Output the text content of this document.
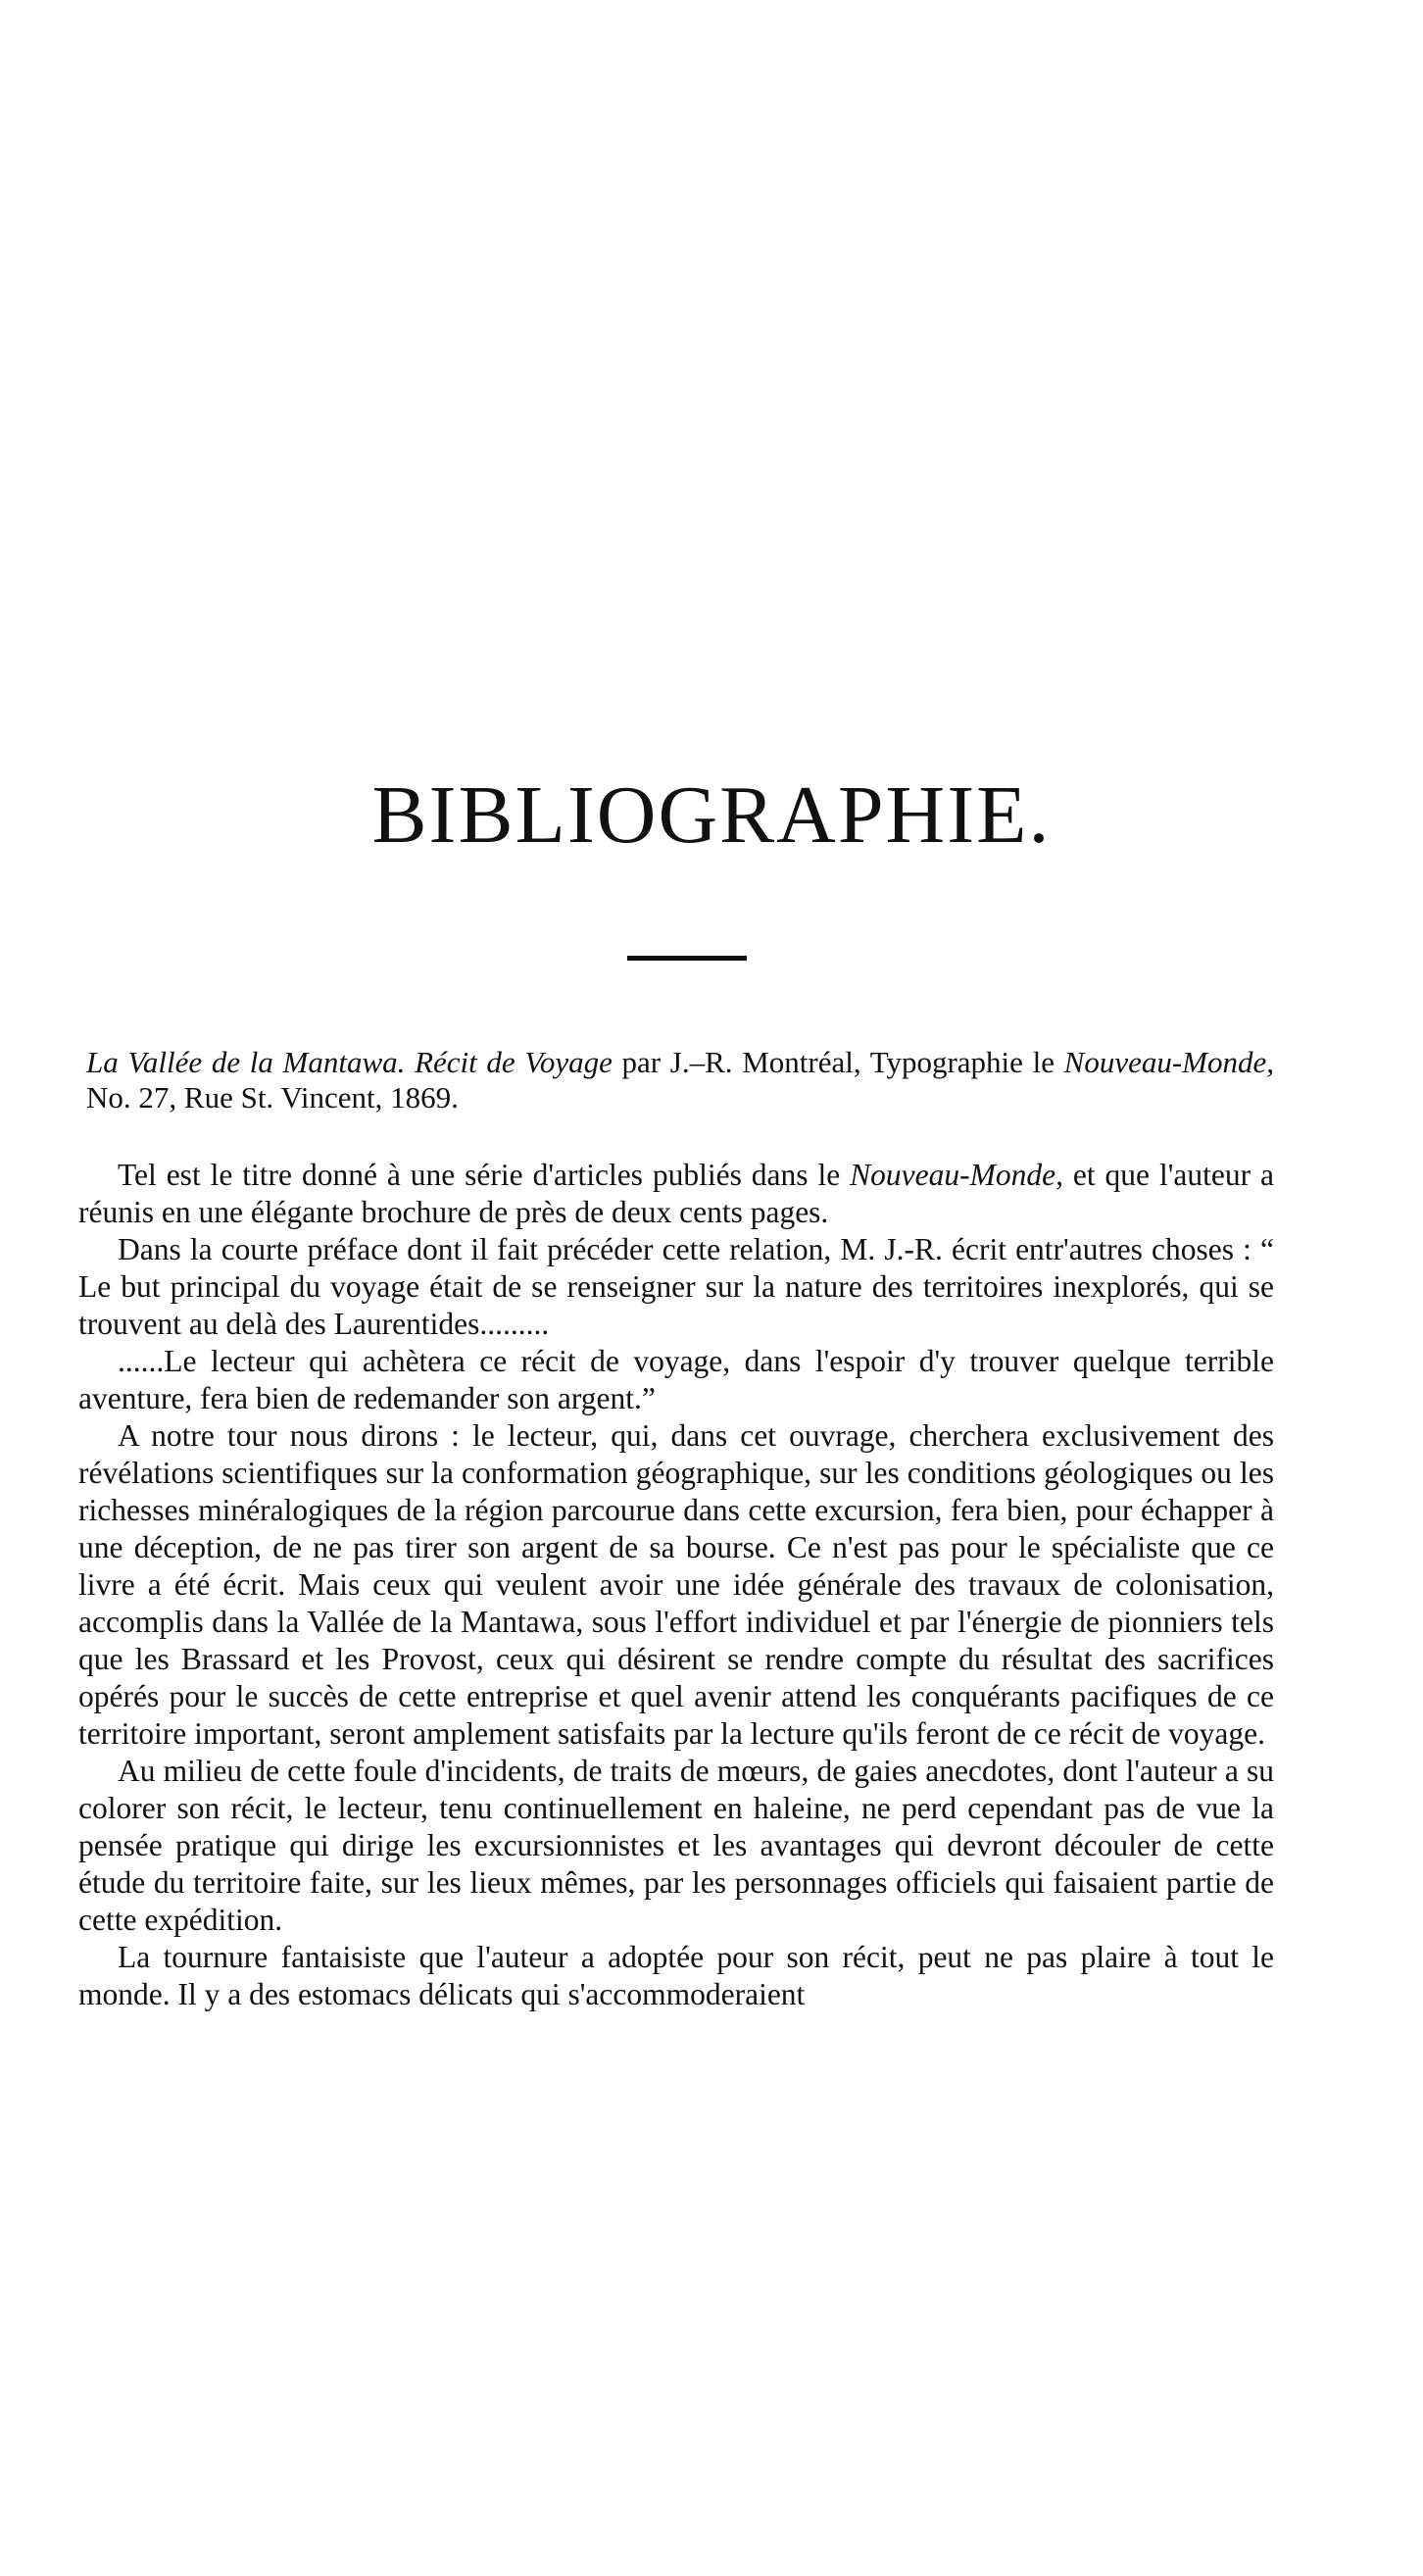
BIBLIOGRAPHIE.

La Vallée de la Mantawa. Récit de Voyage par J.–R. Montréal, Typographie le Nouveau-Monde, No. 27, Rue St. Vincent, 1869.

Tel est le titre donné à une série d'articles publiés dans le Nouveau-Monde, et que l'auteur a réunis en une élégante brochure de près de deux cents pages.

Dans la courte préface dont il fait précéder cette relation, M. J.-R. écrit entr'autres choses : “ Le but principal du voyage était de se renseigner sur la nature des territoires inexplorés, qui se trouvent au delà des Laurentides.........

......Le lecteur qui achètera ce récit de voyage, dans l'espoir d'y trouver quelque terrible aventure, fera bien de redemander son argent.”

A notre tour nous dirons : le lecteur, qui, dans cet ouvrage, cherchera exclusivement des révélations scientifiques sur la conformation géographique, sur les conditions géologiques ou les richesses minéralogiques de la région parcourue dans cette excursion, fera bien, pour échapper à une déception, de ne pas tirer son argent de sa bourse. Ce n'est pas pour le spécialiste que ce livre a été écrit. Mais ceux qui veulent avoir une idée générale des travaux de colonisation, accomplis dans la Vallée de la Mantawa, sous l'effort individuel et par l'énergie de pionniers tels que les Brassard et les Provost, ceux qui désirent se rendre compte du résultat des sacrifices opérés pour le succès de cette entreprise et quel avenir attend les conquérants pacifiques de ce territoire important, seront amplement satisfaits par la lecture qu'ils feront de ce récit de voyage.

Au milieu de cette foule d'incidents, de traits de mœurs, de gaies anecdotes, dont l'auteur a su colorer son récit, le lecteur, tenu continuellement en haleine, ne perd cependant pas de vue la pensée pratique qui dirige les excursionnistes et les avantages qui devront découler de cette étude du territoire faite, sur les lieux mêmes, par les personnages officiels qui faisaient partie de cette expédition.

La tournure fantaisiste que l'auteur a adoptée pour son récit, peut ne pas plaire à tout le monde. Il y a des estomacs délicats qui s'accommoderaient
